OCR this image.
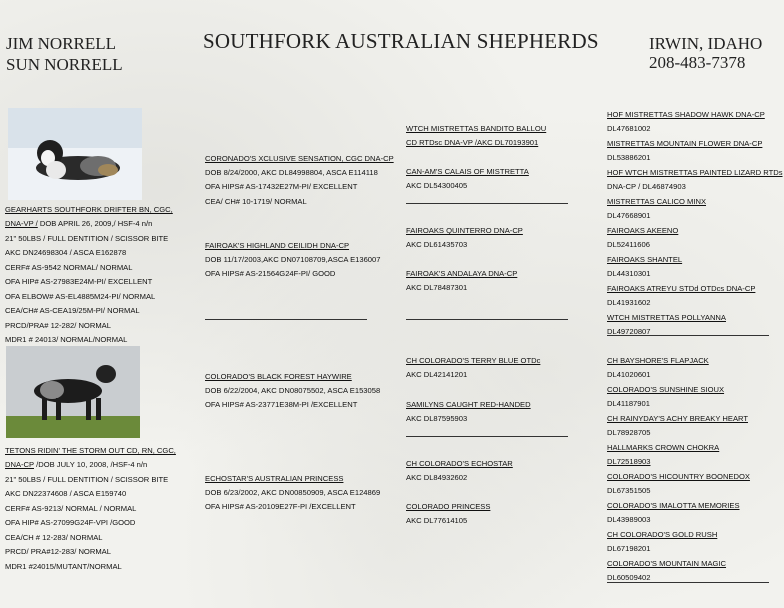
JIM NORRELL
SUN NORRELL
SOUTHFORK AUSTRALIAN SHEPHERDS	IRWIN, IDAHO
208-483-7378
GEARHARTS SOUTHFORK DRIFTER BN, CGC,
DNA-VP / DOB APRIL 26, 2009,/ HSF-4 n/n
21" 50LBS / FULL DENTITION / SCISSOR BITE
AKC DN24698304 / ASCA E162878
CERF# AS-9542 NORMAL/ NORMAL
OFA HIP# AS-27983E24M-PI/ EXCELLENT
OFA ELBOW# AS-EL4885M24-PI/ NORMAL
CEA/CH# AS-CEA19/25M-PI/ NORMAL
PRCD/PRA# 12-282/ NORMAL
MDR1 # 24013/ NORMAL/NORMAL
TETONS RIDIN' THE STORM OUT CD, RN, CGC,
DNA-CP /DOB JULY 10, 2008, /HSF-4 n/n
21" 50LBS / FULL DENTITION / SCISSOR BITE
AKC DN22374608 / ASCA E159740
CERF# AS-9213/ NORMAL / NORMAL
OFA HIP# AS-27099G24F-VPI /GOOD
CEA/CH # 12-283/ NORMAL
PRCD/ PRA#12-283/ NORMAL
MDR1 #24015/MUTANT/NORMAL
CORONADO'S XCLUSIVE SENSATION, CGC DNA-CP
DOB 8/24/2000, AKC DL84998804, ASCA E114118
OFA HIPS# AS-17432E27M-PI/ EXCELLENT
CEA/ CH# 10-1719/ NORMAL
FAIROAK'S HIGHLAND CEILIDH DNA-CP
DOB 11/17/2003,AKC DN07108709,ASCA E136007
OFA HIPS# AS-21564G24F-PI/ GOOD
COLORADO'S BLACK FOREST HAYWIRE
DOB 6/22/2004, AKC DN08075502, ASCA E153058
OFA HIPS# AS-23771E38M-PI /EXCELLENT
ECHOSTAR'S AUSTRALIAN PRINCESS
DOB 6/23/2002, AKC DN00850909, ASCA E124869
OFA HIPS# AS-20109E27F-PI /EXCELLENT
WTCH MISTRETTAS BANDITO BALLOU
CD RTDsc DNA-VP /AKC DL70193901
CAN-AM'S CALAIS OF MISTRETTA
AKC DL54300405
FAIROAKS QUINTERRO DNA-CP
AKC DL61435703
FAIROAK'S ANDALAYA DNA-CP
AKC DL78487301
CH COLORADO'S TERRY BLUE OTDc
AKC DL42141201
SAMILYNS CAUGHT RED-HANDED
AKC DL87595903
CH COLORADO'S ECHOSTAR
AKC DL84932602
COLORADO PRINCESS
AKC DL77614105
HOF MISTRETTAS SHADOW HAWK DNA-CP
DL47681002
MISTRETTAS MOUNTAIN FLOWER DNA-CP
DL53886201
HOF WTCH MISTRETTAS PAINTED LIZARD RTDs
DNA-CP / DL46874903
MISTRETTAS CALICO MINX
DL47668901
FAIROAKS AKEENO
DL52411606
FAIROAKS SHANTEL
DL44310301
FAIROAKS ATREYU STDd OTDcs DNA-CP
DL41931602
WTCH MISTRETTAS POLLYANNA
DL49720807
CH BAYSHORE'S FLAPJACK
DL41020601
COLORADO'S SUNSHINE SIOUX
DL41187901
CH RAINYDAY'S ACHY BREAKY HEART
DL78928705
HALLMARKS CROWN CHOKRA
DL72518903
COLORADO'S HICOUNTRY BOONEDOX
DL67351505
COLORADO'S IMALOTTA MEMORIES
DL43989003
CH COLORADO'S GOLD RUSH
DL67198201
COLORADO'S MOUNTAIN MAGIC
DL60509402
